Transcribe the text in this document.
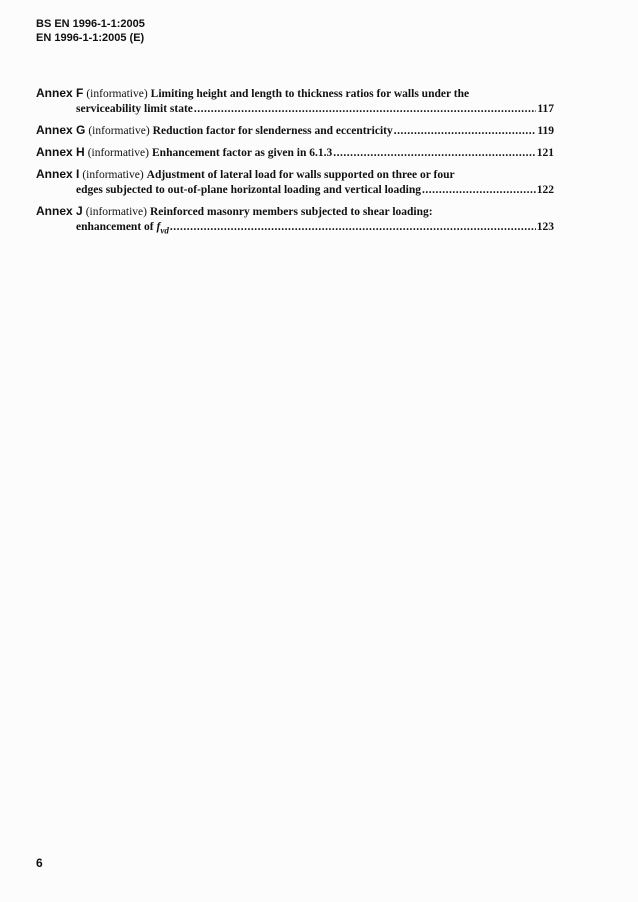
BS EN 1996-1-1:2005
EN 1996-1-1:2005 (E)
Annex F (informative) Limiting height and length to thickness ratios for walls under the
serviceability limit state .....	117
Annex G (informative) Reduction factor for slenderness and eccentricity .....	119
Annex H (informative) Enhancement factor as given in 6.1.3 .....	121
Annex I (informative) Adjustment of lateral load for walls supported on three or four
edges subjected to out-of-plane horizontal loading and vertical loading .....	122
Annex J (informative) Reinforced masonry members subjected to shear loading:
enhancement of $f_{vd}$ .....	123
6
